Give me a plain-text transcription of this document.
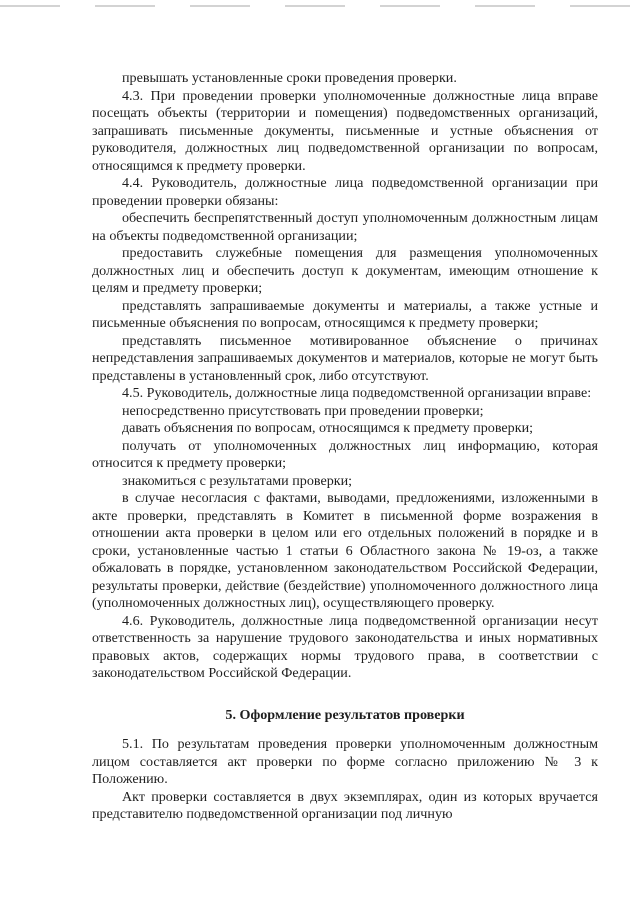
превышать установленные сроки проведения проверки.

4.3. При проведении проверки уполномоченные должностные лица вправе посещать объекты (территории и помещения) подведомственных организаций, запрашивать письменные документы, письменные и устные объяснения от руководителя, должностных лиц подведомственной организации по вопросам, относящимся к предмету проверки.

4.4. Руководитель, должностные лица подведомственной организации при проведении проверки обязаны:

обеспечить беспрепятственный доступ уполномоченным должностным лицам на объекты подведомственной организации;

предоставить служебные помещения для размещения уполномоченных должностных лиц и обеспечить доступ к документам, имеющим отношение к целям и предмету проверки;

представлять запрашиваемые документы и материалы, а также устные и письменные объяснения по вопросам, относящимся к предмету проверки;

представлять письменное мотивированное объяснение о причинах непредставления запрашиваемых документов и материалов, которые не могут быть представлены в установленный срок, либо отсутствуют.

4.5. Руководитель, должностные лица подведомственной организации вправе:

непосредственно присутствовать при проведении проверки;

давать объяснения по вопросам, относящимся к предмету проверки;

получать от уполномоченных должностных лиц информацию, которая относится к предмету проверки;

знакомиться с результатами проверки;

в случае несогласия с фактами, выводами, предложениями, изложенными в акте проверки, представлять в Комитет в письменной форме возражения в отношении акта проверки в целом или его отдельных положений в порядке и в сроки, установленные частью 1 статьи 6 Областного закона № 19-оз, а также обжаловать в порядке, установленном законодательством Российской Федерации, результаты проверки, действие (бездействие) уполномоченного должностного лица (уполномоченных должностных лиц), осуществляющего проверку.

4.6. Руководитель, должностные лица подведомственной организации несут ответственность за нарушение трудового законодательства и иных нормативных правовых актов, содержащих нормы трудового права, в соответствии с законодательством Российской Федерации.

5. Оформление результатов проверки

5.1. По результатам проведения проверки уполномоченным должностным лицом составляется акт проверки по форме согласно приложению № 3 к Положению.

Акт проверки составляется в двух экземплярах, один из которых вручается представителю подведомственной организации под личную
